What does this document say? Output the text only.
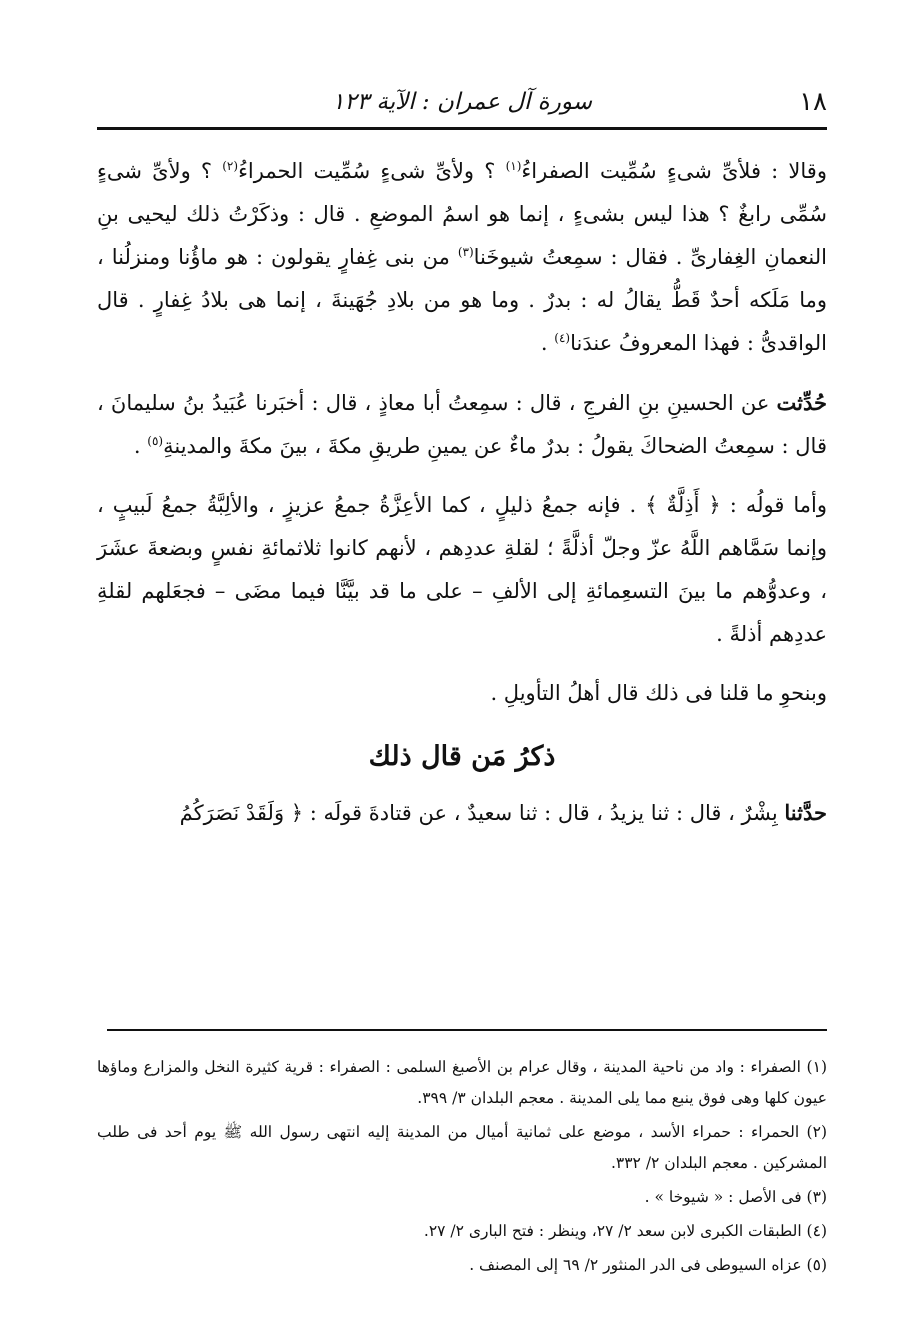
١٨
سورة آل عمران : الآية ١٢٣

وقالا : فلأىِّ شىءٍ سُمِّيت الصفراءُ$^{(١)}$ ؟ ولأىِّ شىءٍ سُمِّيت الحمراءُ$^{(٢)}$ ؟ ولأىِّ شىءٍ سُمِّى رابغٌ ؟ هذا ليس بشىءٍ ، إنما هو اسمُ الموضعِ . قال : وذكَرْتُ ذلك ليحيى بنِ النعمانِ الغِفارىِّ . فقال : سمِعتُ شيوخَنا$^{(٣)}$ من بنى غِفارٍ يقولون : هو ماؤُنا ومنزلُنا ، وما مَلَكه أحدٌ قَطُّ يقالُ له : بدرٌ . وما هو من بلادِ جُهَينةَ ، إنما هى بلادُ غِفارٍ . قال الواقدىُّ : فهذا المعروفُ عندَنا$^{(٤)}$ .

حُدِّثت عن الحسينِ بنِ الفرجِ ، قال : سمِعتُ أبا معاذٍ ، قال : أخبَرنا عُبَيدُ بنُ سليمانَ ، قال : سمِعتُ الضحاكَ يقولُ : بدرٌ ماءٌ عن يمينِ طريقِ مكةَ ، بينَ مكةَ والمدينةِ$^{(٥)}$ .

وأما قولُه : ﴿ أَذِلَّةٌ ﴾ . فإنه جمعُ ذليلٍ ، كما الأعِزَّةُ جمعُ عزيزٍ ، والألِبَّةُ جمعُ لَبيبٍ ، وإنما سَمَّاهم اللَّهُ عزّ وجلّ أذلَّةً ؛ لقلةِ عددِهم ، لأنهم كانوا ثلاثمائةِ نفسٍ وبضعةَ عشَرَ ، وعدوُّهم ما بينَ التسعِمائةِ إلى الألفِ – على ما قد بيَّنَّا فيما مضَى – فجعَلهم لقلةِ عددِهم أذلةً .

وبنحوِ ما قلنا فى ذلك قال أهلُ التأويلِ .

ذكرُ مَن قال ذلك

حدَّثنا بِشْرٌ ، قال : ثنا يزيدُ ، قال : ثنا سعيدٌ ، عن قتادةَ قولَه : ﴿ وَلَقَدْ نَصَرَكُمُ

(١) الصفراء : واد من ناحية المدينة ، وقال عرام بن الأصبغ السلمى : الصفراء : قرية كثيرة النخل والمزارع وماؤها عيون كلها وهى فوق ينبع مما يلى المدينة . معجم البلدان ٣/ ٣٩٩.

(٢) الحمراء : حمراء الأسد ، موضع على ثمانية أميال من المدينة إليه انتهى رسول الله ﷺ يوم أحد فى طلب المشركين . معجم البلدان ٢/ ٣٣٢.

(٣) فى الأصل : « شيوخا » .

(٤) الطبقات الكبرى لابن سعد ٢/ ٢٧، وينظر : فتح البارى ٢/ ٢٧.

(٥) عزاه السيوطى فى الدر المنثور ٢/ ٦٩ إلى المصنف .
